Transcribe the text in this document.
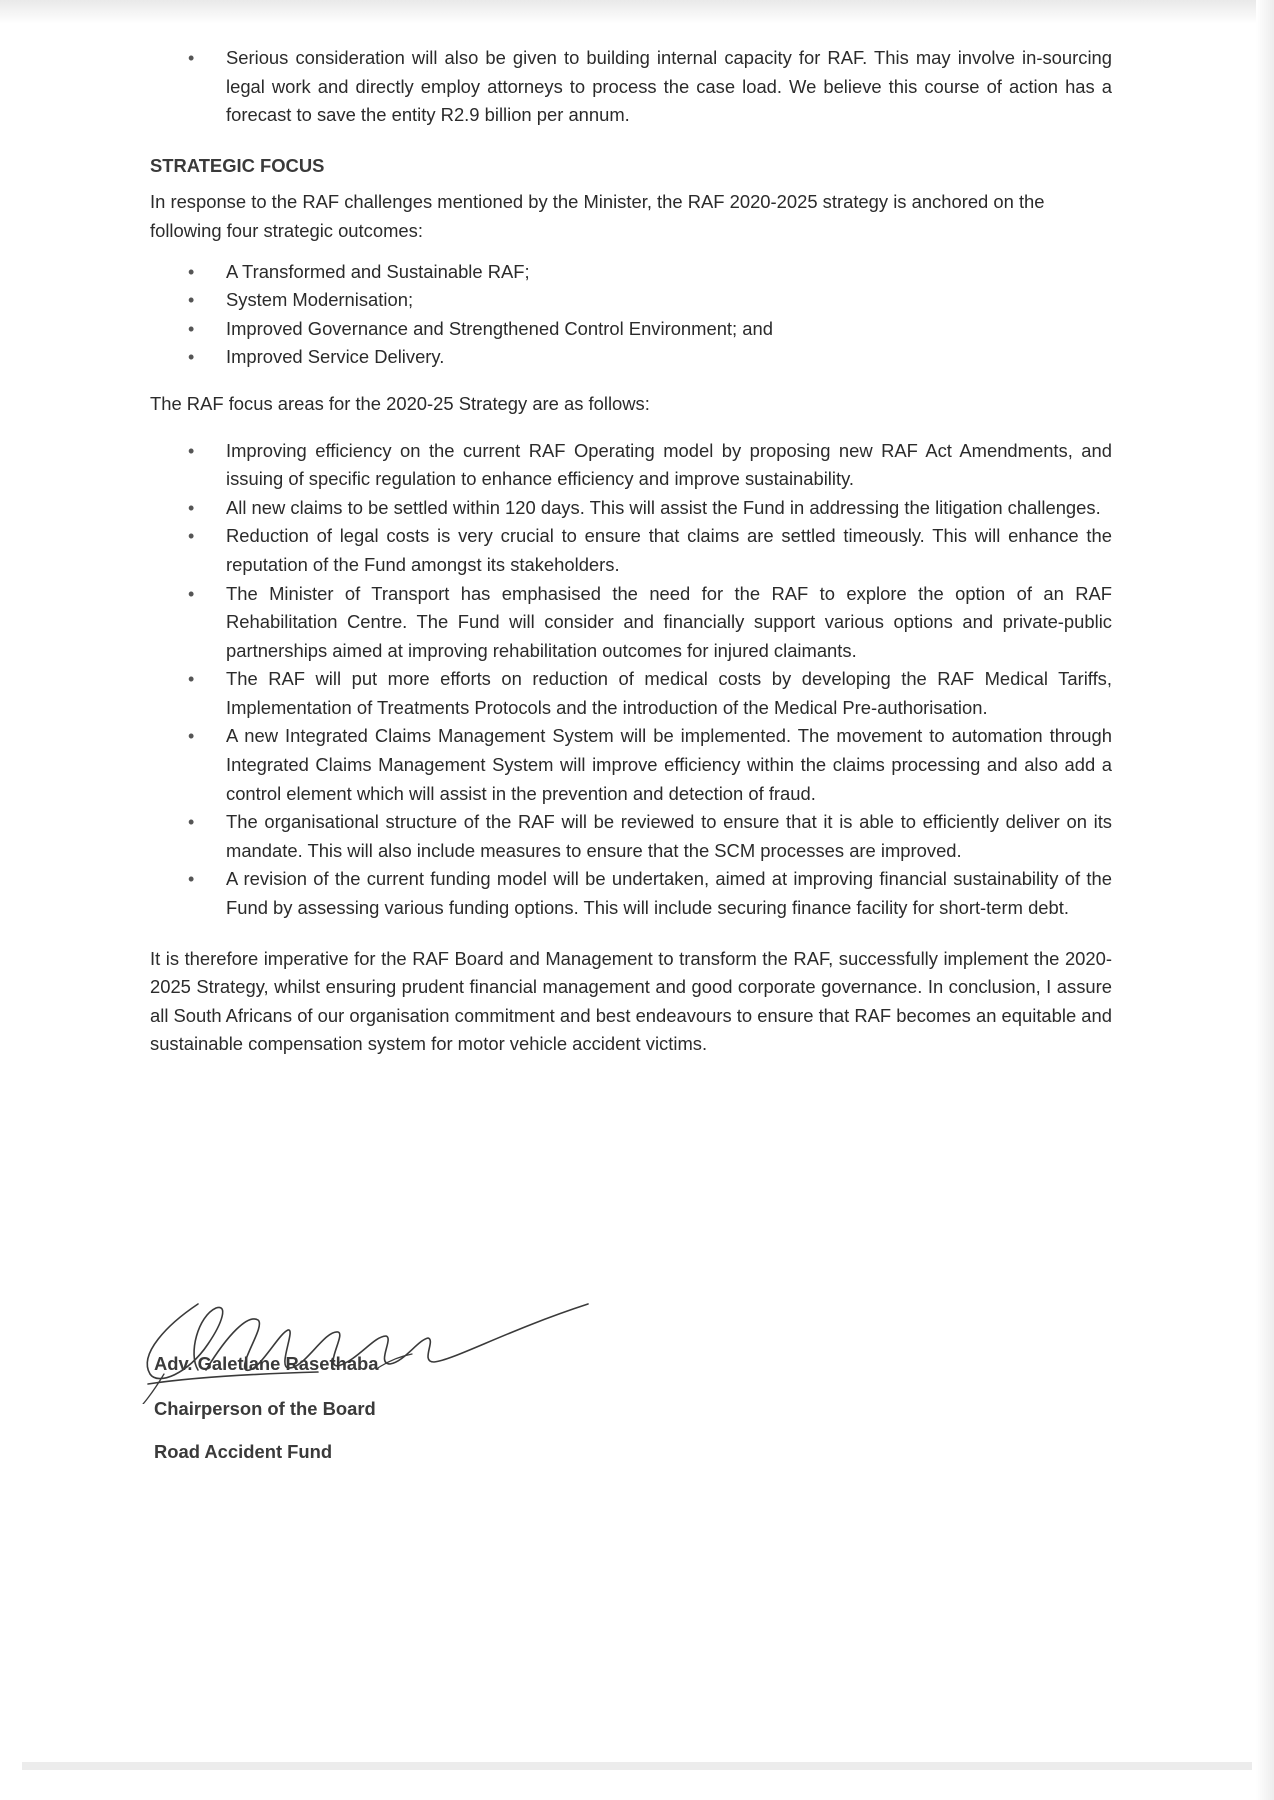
• Serious consideration will also be given to building internal capacity for RAF. This may involve in-sourcing legal work and directly employ attorneys to process the case load. We believe this course of action has a forecast to save the entity R2.9 billion per annum.
STRATEGIC FOCUS

In response to the RAF challenges mentioned by the Minister, the RAF 2020-2025 strategy is anchored on the following four strategic outcomes:

• A Transformed and Sustainable RAF;
• System Modernisation;
• Improved Governance and Strengthened Control Environment; and
• Improved Service Delivery.

The RAF focus areas for the 2020-25 Strategy are as follows:

• Improving efficiency on the current RAF Operating model by proposing new RAF Act Amendments, and issuing of specific regulation to enhance efficiency and improve sustainability.
• All new claims to be settled within 120 days. This will assist the Fund in addressing the litigation challenges.
• Reduction of legal costs is very crucial to ensure that claims are settled timeously. This will enhance the reputation of the Fund amongst its stakeholders.
• The Minister of Transport has emphasised the need for the RAF to explore the option of an RAF Rehabilitation Centre. The Fund will consider and financially support various options and private-public partnerships aimed at improving rehabilitation outcomes for injured claimants.
• The RAF will put more efforts on reduction of medical costs by developing the RAF Medical Tariffs, Implementation of Treatments Protocols and the introduction of the Medical Pre-authorisation.
• A new Integrated Claims Management System will be implemented. The movement to automation through Integrated Claims Management System will improve efficiency within the claims processing and also add a control element which will assist in the prevention and detection of fraud.
• The organisational structure of the RAF will be reviewed to ensure that it is able to efficiently deliver on its mandate. This will also include measures to ensure that the SCM processes are improved.
• A revision of the current funding model will be undertaken, aimed at improving financial sustainability of the Fund by assessing various funding options. This will include securing finance facility for short-term debt.

It is therefore imperative for the RAF Board and Management to transform the RAF, successfully implement the 2020-2025 Strategy, whilst ensuring prudent financial management and good corporate governance. In conclusion, I assure all South Africans of our organisation commitment and best endeavours to ensure that RAF becomes an equitable and sustainable compensation system for motor vehicle accident victims.

Adv. Galetlane Rasethaba
Chairperson of the Board
Road Accident Fund
